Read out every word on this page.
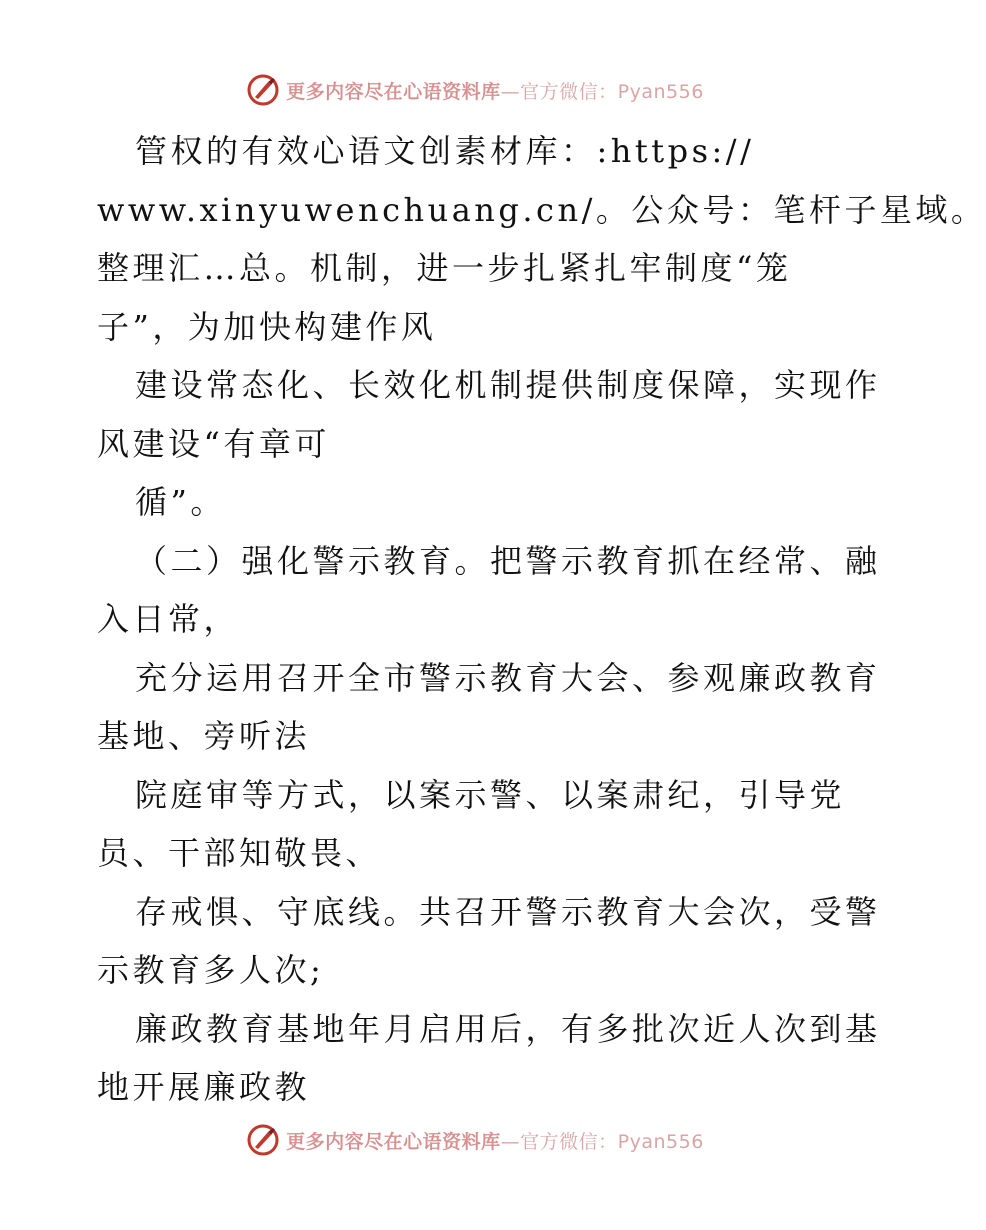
更多内容尽在心语资料库—官方微信：Pyan556
管权的有效心语文创素材库：:https://
www.xinyuwenchuang.cn/。公众号：笔杆子星域。
整理汇…总。机制，进一步扎紧扎牢制度“笼
子”，为加快构建作风
建设常态化、长效化机制提供制度保障，实现作
风建设“有章可
循”。
（二）强化警示教育。把警示教育抓在经常、融
入日常，
充分运用召开全市警示教育大会、参观廉政教育
基地、旁听法
院庭审等方式，以案示警、以案肃纪，引导党
员、干部知敬畏、
存戒惧、守底线。共召开警示教育大会次，受警
示教育多人次;
廉政教育基地年月启用后，有多批次近人次到基
地开展廉政教
更多内容尽在心语资料库—官方微信：Pyan556
